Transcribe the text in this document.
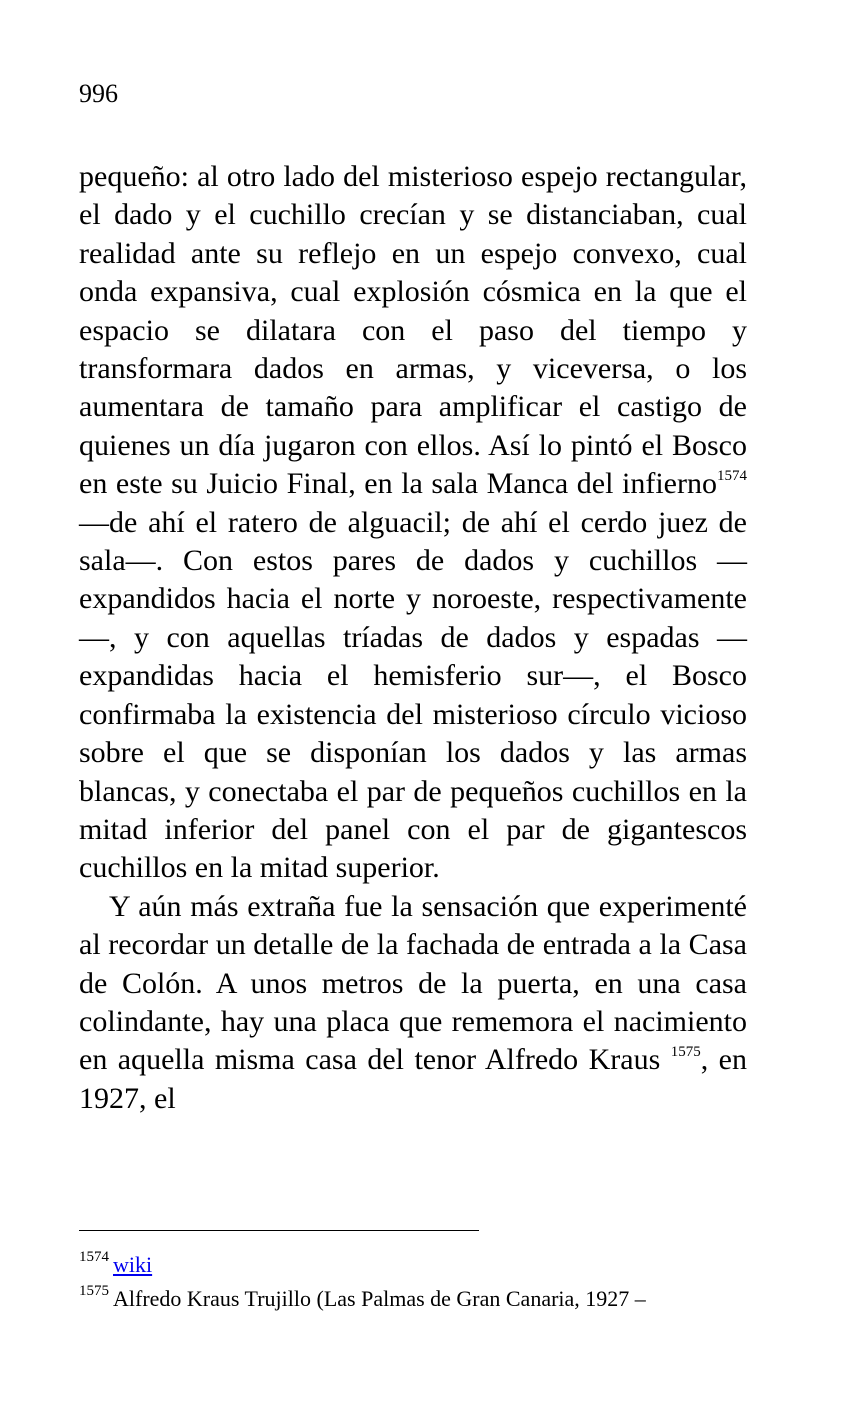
996

pequeño: al otro lado del misterioso espejo rectangular, el dado y el cuchillo crecían y se distanciaban, cual realidad ante su reflejo en un espejo convexo, cual onda expansiva, cual explosión cósmica en la que el espacio se dilatara con el paso del tiempo y transformara dados en armas, y viceversa, o los aumentara de tamaño para amplificar el castigo de quienes un día jugaron con ellos. Así lo pintó el Bosco en este su Juicio Final, en la sala Manca del infierno$^{1574}$ —de ahí el ratero de alguacil; de ahí el cerdo juez de sala—. Con estos pares de dados y cuchillos —expandidos hacia el norte y noroeste, respectivamente—, y con aquellas tríadas de dados y espadas —expandidas hacia el hemisferio sur—, el Bosco confirmaba la existencia del misterioso círculo vicioso sobre el que se disponían los dados y las armas blancas, y conectaba el par de pequeños cuchillos en la mitad inferior del panel con el par de gigantescos cuchillos en la mitad superior.

Y aún más extraña fue la sensación que experimenté al recordar un detalle de la fachada de entrada a la Casa de Colón. A unos metros de la puerta, en una casa colindante, hay una placa que rememora el nacimiento en aquella misma casa del tenor Alfredo Kraus $^{1575}$, en 1927, el

$^{1574}$ wiki

$^{1575}$ Alfredo Kraus Trujillo (Las Palmas de Gran Canaria, 1927 –
